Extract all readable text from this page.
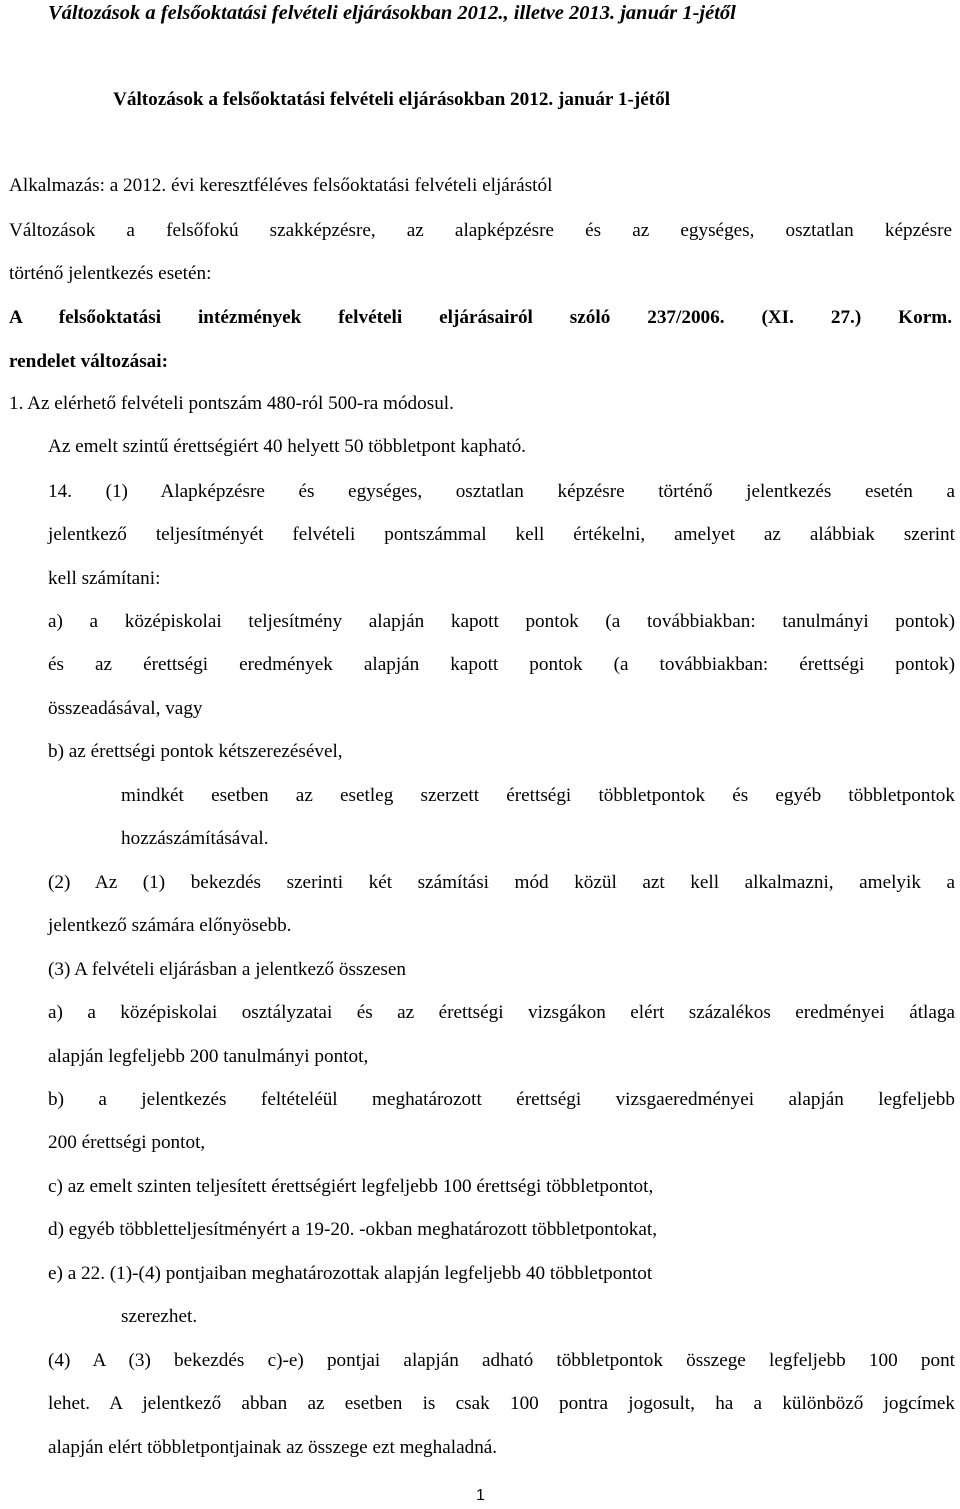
Változások a felsőoktatási felvételi eljárásokban 2012., illetve 2013. január 1-jétől

Változások a felsőoktatási felvételi eljárásokban 2012. január 1-jétől

Alkalmazás: a 2012. évi keresztféléves felsőoktatási felvételi eljárástól

Változások a felsőfokú szakképzésre, az alapképzésre és az egységes, osztatlan képzésre

történő jelentkezés esetén:

A felsőoktatási intézmények felvételi eljárásairól szóló 237/2006. (XI. 27.) Korm.

rendelet változásai:

1. Az elérhető felvételi pontszám 480-ról 500-ra módosul.

Az emelt szintű érettségiért 40 helyett 50 többletpont kapható.

14. (1) Alapképzésre és egységes, osztatlan képzésre történő jelentkezés esetén a

jelentkező teljesítményét felvételi pontszámmal kell értékelni, amelyet az alábbiak szerint

kell számítani:

a) a középiskolai teljesítmény alapján kapott pontok (a továbbiakban: tanulmányi pontok)

és az érettségi eredmények alapján kapott pontok (a továbbiakban: érettségi pontok)

összeadásával, vagy

b) az érettségi pontok kétszerezésével,

mindkét esetben az esetleg szerzett érettségi többletpontok és egyéb többletpontok

hozzászámításával.

(2) Az (1) bekezdés szerinti két számítási mód közül azt kell alkalmazni, amelyik a

jelentkező számára előnyösebb.

(3) A felvételi eljárásban a jelentkező összesen

a) a középiskolai osztályzatai és az érettségi vizsgákon elért százalékos eredményei átlaga

alapján legfeljebb 200 tanulmányi pontot,

b) a jelentkezés feltételéül meghatározott érettségi vizsgaeredményei alapján legfeljebb

200 érettségi pontot,

c) az emelt szinten teljesített érettségiért legfeljebb 100 érettségi többletpontot,

d) egyéb többletteljesítményért a 19-20. -okban meghatározott többletpontokat,

e) a 22. (1)-(4) pontjaiban meghatározottak alapján legfeljebb 40 többletpontot

szerezhet.

(4) A (3) bekezdés c)-e) pontjai alapján adható többletpontok összege legfeljebb 100 pont

lehet. A jelentkező abban az esetben is csak 100 pontra jogosult, ha a különböző jogcímek

alapján elért többletpontjainak az összege ezt meghaladná.

1
